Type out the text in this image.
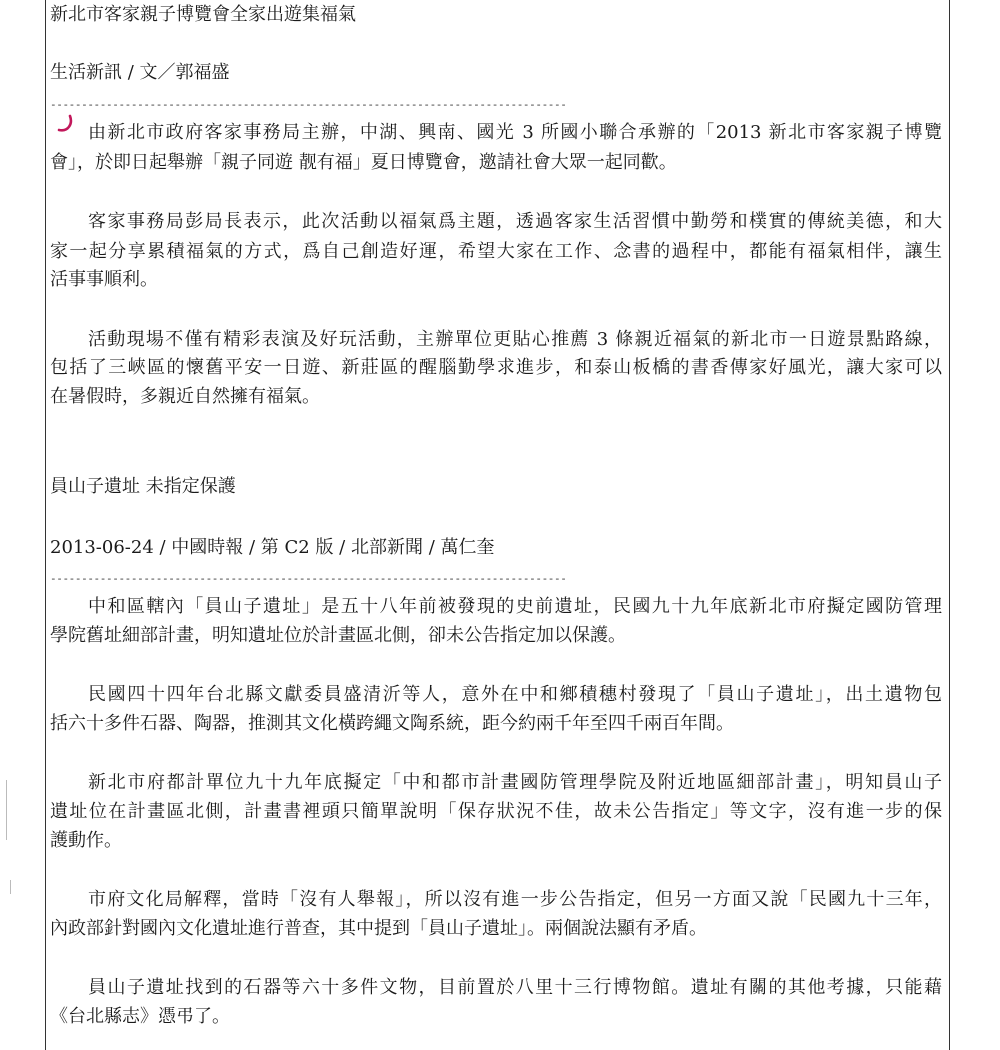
新北市客家親子博覽會全家出遊集福氣
生活新訊 / 文／郭福盛
-----------------------------------------------------------------------------------
由新北市政府客家事務局主辦，中湖、興南、國光 3 所國小聯合承辦的「2013 新北市客家親子博覽
會」，於即日起舉辦「親子同遊 靓有福」夏日博覽會，邀請社會大眾一起同歡。
客家事務局彭局長表示，此次活動以福氣爲主題，透過客家生活習慣中勤勞和樸實的傳統美德，和大
家一起分享累積福氣的方式，爲自己創造好運，希望大家在工作、念書的過程中，都能有福氣相伴，讓生
活事事順利。
活動現場不僅有精彩表演及好玩活動，主辦單位更貼心推薦 3 條親近福氣的新北市一日遊景點路線，
包括了三峽區的懷舊平安一日遊、新莊區的醒腦勤學求進步，和泰山板橋的書香傳家好風光，讓大家可以
在暑假時，多親近自然擁有福氣。
員山子遺址 未指定保護
2013-06-24 / 中國時報 / 第 C2 版 / 北部新聞 / 萬仁奎
-----------------------------------------------------------------------------------
中和區轄內「員山子遺址」是五十八年前被發現的史前遺址，民國九十九年底新北市府擬定國防管理
學院舊址細部計畫，明知遺址位於計畫區北側，卻未公告指定加以保護。
民國四十四年台北縣文獻委員盛清沂等人，意外在中和鄉積穗村發現了「員山子遺址」，出土遺物包
括六十多件石器、陶器，推測其文化橫跨繩文陶系統，距今約兩千年至四千兩百年間。
新北市府都計單位九十九年底擬定「中和都市計畫國防管理學院及附近地區細部計畫」，明知員山子
遺址位在計畫區北側，計畫書裡頭只簡單說明「保存狀況不佳，故未公告指定」等文字，沒有進一步的保
護動作。
市府文化局解釋，當時「沒有人舉報」，所以沒有進一步公告指定，但另一方面又說「民國九十三年，
內政部針對國內文化遺址進行普查，其中提到「員山子遺址」。兩個說法顯有矛盾。
員山子遺址找到的石器等六十多件文物，目前置於八里十三行博物館。遺址有關的其他考據，只能藉
《台北縣志》憑弔了。
